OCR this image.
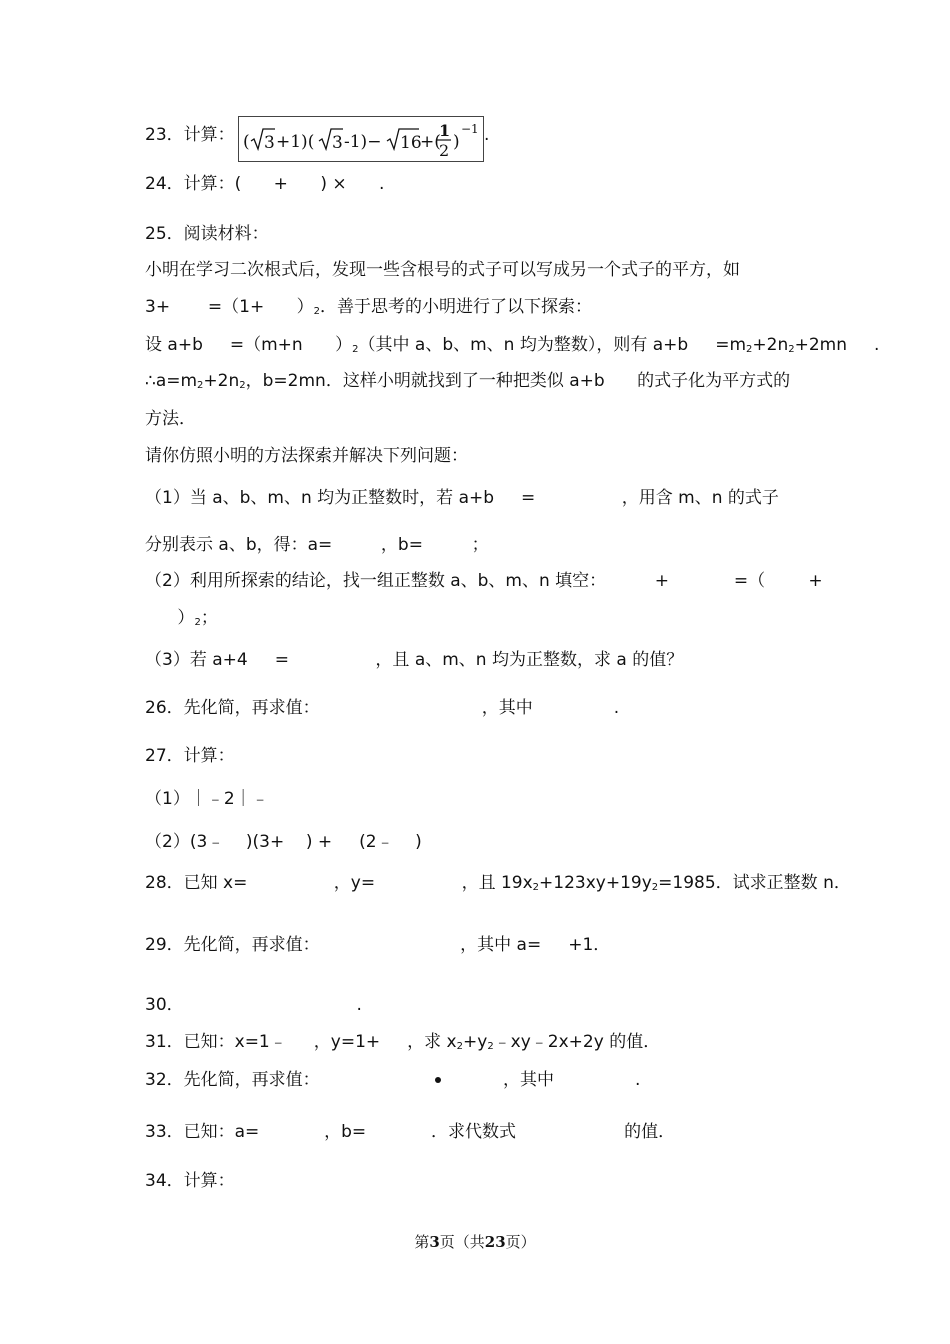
23．计算： ( 3 +1)( 3 -1)− 16
+(
1
2 )
−1 .
24．计算：(      +      ) ×      .
25．阅读材料：
小明在学习二次根式后，发现一些含根号的式子可以写成另一个式子的平方，如
3+       =（1+      ）2．善于思考的小明进行了以下探索：
设 a+b     =（m+n      ）2（其中 a、b、m、n 均为整数），则有 a+b     =m2+2n2+2mn     .
∴a=m2+2n2，b=2mn．这样小明就找到了一种把类似 a+b      的式子化为平方式的
方法．
请你仿照小明的方法探索并解决下列问题：
（1）当 a、b、m、n 均为正整数时，若 a+b     =                ，用含 m、n 的式子
分别表示 a、b，得：a=         ，b=         ；
（2）利用所探索的结论，找一组正整数 a、b、m、n 填空：         +            =（        +
）2；
（3）若 a+4     =                ，且 a、m、n 均为正整数，求 a 的值？
26．先化简，再求值：                              ，其中               .
27．计算：
（1）｜﹣2｜﹣
（2）(3﹣    )(3+    ) +     (2﹣    )
28．已知 x=                ，y=                ，且 19x2+123xy+19y2=1985．试求正整数 n．
29．先化简，再求值：                          ，其中 a=     +1．
30．                                .
31．已知：x=1﹣     ，y=1+     ，求 x2+y2﹣xy﹣2x+2y 的值．
32．先化简，再求值：	，其中               .
33．已知：a=            ，b=            ．求代数式                    的值．
34．计算：
第3页（共23页）
